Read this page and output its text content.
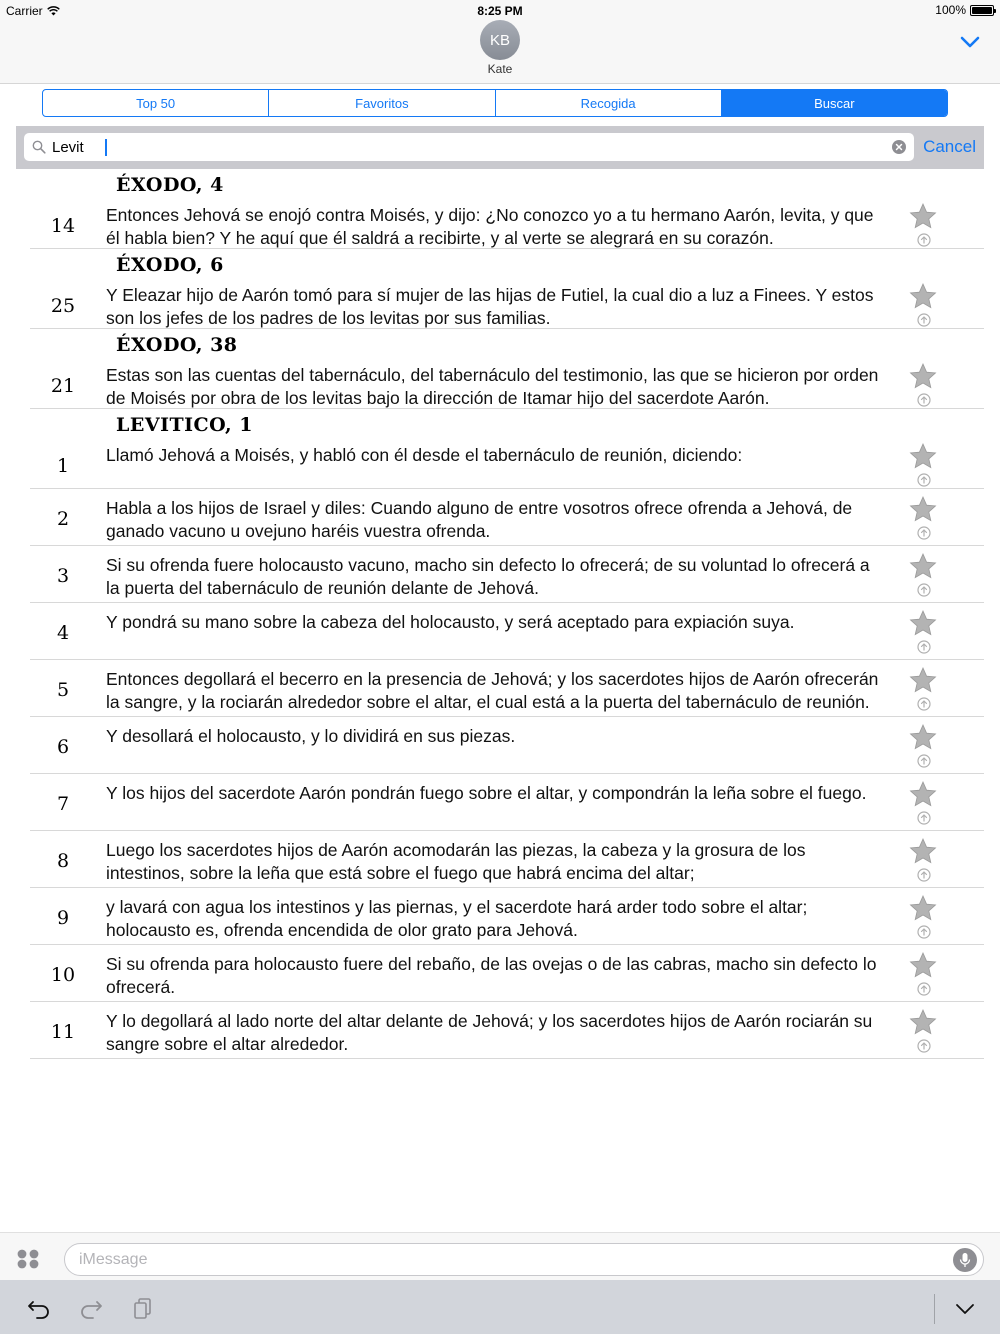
Carrier	8:25 PM	100%
KB
Kate
Top 50	Favoritos	Recogida	Buscar
Levit
Cancel
ÉXODO, 4
14	Entonces Jehová se enojó contra Moisés, y dijo: ¿No conozco yo a tu hermano Aarón, levita, y que él habla bien? Y he aquí que él saldrá a recibirte, y al verte se alegrará en su corazón.
ÉXODO, 6
25	Y Eleazar hijo de Aarón tomó para sí mujer de las hijas de Futiel, la cual dio a luz a Finees. Y estos son los jefes de los padres de los levitas por sus familias.
ÉXODO, 38
21	Estas son las cuentas del tabernáculo, del tabernáculo del testimonio, las que se hicieron por orden de Moisés por obra de los levitas bajo la dirección de Itamar hijo del sacerdote Aarón.
LEVITICO, 1
1	Llamó Jehová a Moisés, y habló con él desde el tabernáculo de reunión, diciendo:
2	Habla a los hijos de Israel y diles: Cuando alguno de entre vosotros ofrece ofrenda a Jehová, de ganado vacuno u ovejuno haréis vuestra ofrenda.
3	Si su ofrenda fuere holocausto vacuno, macho sin defecto lo ofrecerá; de su voluntad lo ofrecerá a la puerta del tabernáculo de reunión delante de Jehová.
4	Y pondrá su mano sobre la cabeza del holocausto, y será aceptado para expiación suya.
5	Entonces degollará el becerro en la presencia de Jehová; y los sacerdotes hijos de Aarón ofrecerán la sangre, y la rociarán alrededor sobre el altar, el cual está a la puerta del tabernáculo de reunión.
6	Y desollará el holocausto, y lo dividirá en sus piezas.
7	Y los hijos del sacerdote Aarón pondrán fuego sobre el altar, y compondrán la leña sobre el fuego.
8	Luego los sacerdotes hijos de Aarón acomodarán las piezas, la cabeza y la grosura de los intestinos, sobre la leña que está sobre el fuego que habrá encima del altar;
9	y lavará con agua los intestinos y las piernas, y el sacerdote hará arder todo sobre el altar; holocausto es, ofrenda encendida de olor grato para Jehová.
10	Si su ofrenda para holocausto fuere del rebaño, de las ovejas o de las cabras, macho sin defecto lo ofrecerá.
11	Y lo degollará al lado norte del altar delante de Jehová; y los sacerdotes hijos de Aarón rociarán su sangre sobre el altar alrededor.
iMessage
